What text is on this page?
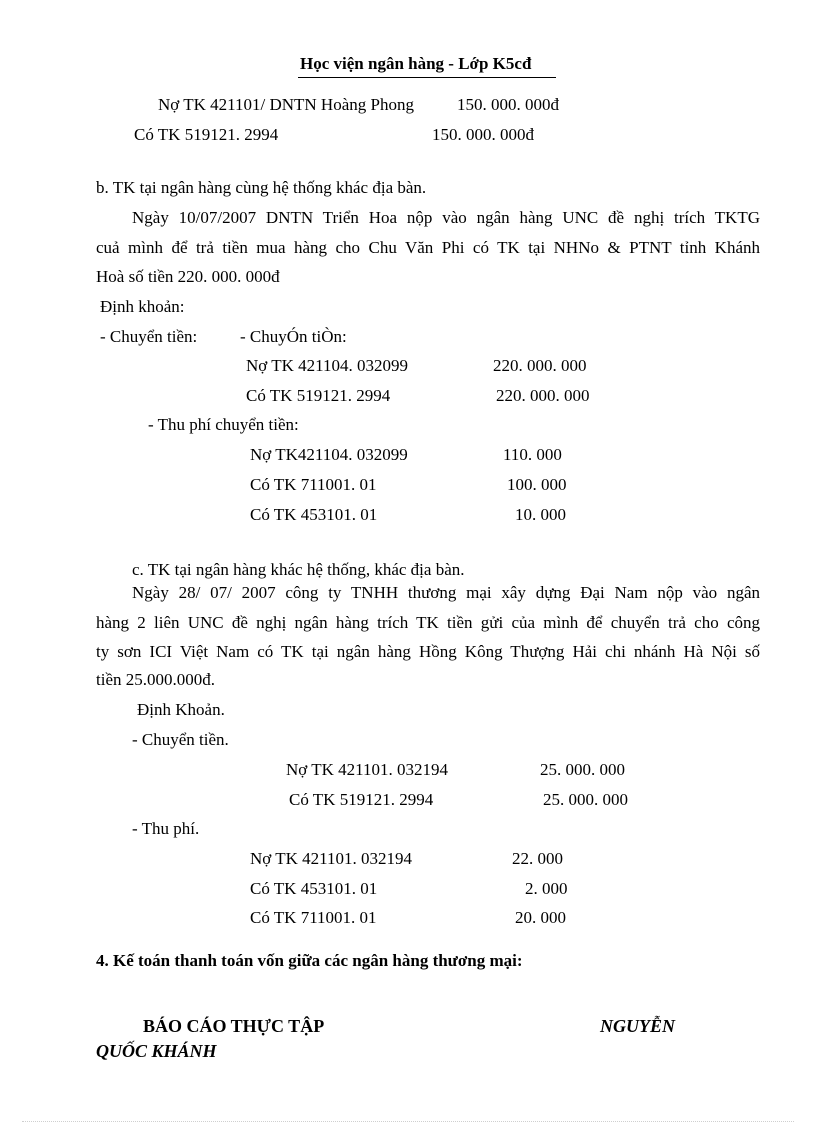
Học viện ngân hàng - Lớp K5cđ
Nợ TK 421101/ DNTN Hoàng Phong	150. 000. 000đ
Có TK 519121. 2994	150. 000. 000đ
b. TK tại ngân hàng cùng hệ thống khác địa bàn.
Ngày 10/07/2007 DNTN Triển Hoa nộp vào ngân hàng UNC đề nghị trích TKTG
cuả mình để trả tiền mua hàng cho Chu Văn Phi có TK tại NHNo & PTNT tỉnh Khánh
Hoà số tiền 220. 000. 000đ
Định khoản:
- Chuyển tiền:	- ChuyÓn tiÒn:
Nợ TK 421104. 032099	220. 000. 000
Có TK 519121. 2994	220. 000. 000
- Thu phí chuyển tiền:
Nợ TK421104. 032099	110. 000
Có TK 711001. 01	100. 000
Có TK 453101. 01	10. 000
c. TK tại ngân hàng khác hệ thống, khác địa bàn.
Ngày 28/ 07/ 2007 công ty TNHH thương mại xây dựng Đại Nam nộp vào ngân
hàng 2 liên UNC đề nghị ngân hàng trích TK tiền gửi của mình để chuyển trả cho công
ty sơn ICI Việt Nam có TK tại ngân hàng Hồng Kông Thượng Hải chi nhánh Hà Nội số
tiền 25.000.000đ.
Định Khoản.
- Chuyển tiền.
Nợ TK 421101. 032194	25. 000. 000
Có TK 519121. 2994	25. 000. 000
- Thu phí.
Nợ TK 421101. 032194	22. 000
Có TK 453101. 01	2. 000
Có TK 711001. 01	20. 000
4. Kế toán thanh toán vốn giữa các ngân hàng thương mại:
BÁO CÁO THỰC TẬP	NGUYỄN
QUỐC KHÁNH
